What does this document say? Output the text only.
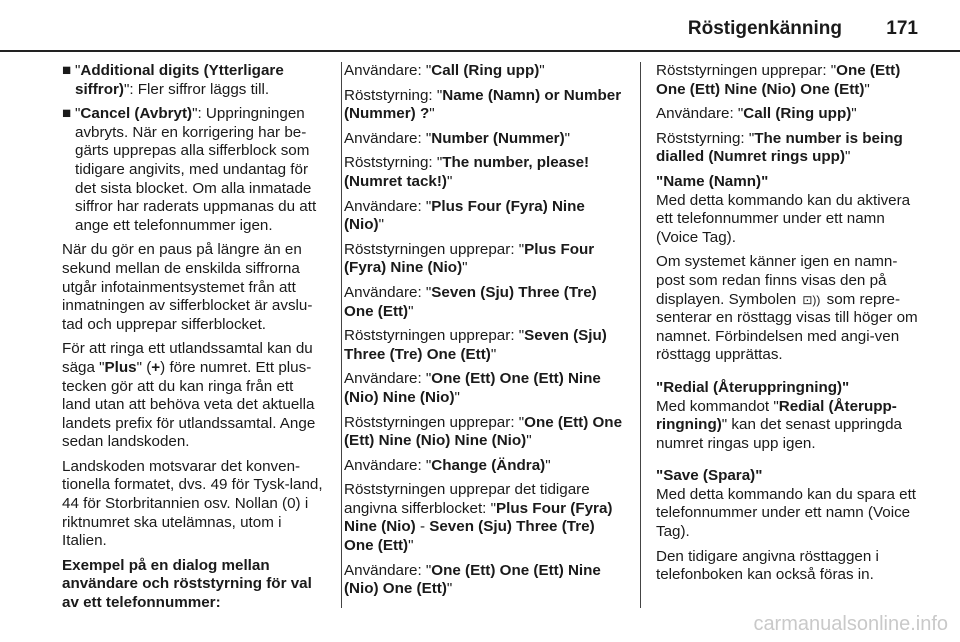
Röstigenkänning 171
■ "Additional digits (Ytterligare siffror)": Fler siffror läggs till.
■ "Cancel (Avbryt)": Uppringningen avbryts. När en korrigering har be-gärts upprepas alla sifferblock som tidigare angivits, med undantag för det sista blocket. Om alla inmatade siffror har raderats uppmanas du att ange ett telefonnummer igen.

När du gör en paus på längre än en sekund mellan de enskilda siffrorna utgår infotainmentsystemet från att inmatningen av sifferblocket är avslu-tad och upprepar sifferblocket.

För att ringa ett utlandssamtal kan du säga "Plus" (+) före numret. Ett plus-tecken gör att du kan ringa från ett land utan att behöva veta det aktuella landets prefix för utlandssamtal. Ange sedan landskoden.

Landskoden motsvarar det konven-tionella formatet, dvs. 49 för Tysk-land, 44 för Storbritannien osv. Nollan (0) i riktnumret ska utelämnas, utom i Italien.

Exempel på en dialog mellan användare och röststyrning för val av ett telefonnummer:

Användare: "Call (Ring upp)"

Röststyrning: "Name (Namn) or Number (Nummer) ?"

Användare: "Number (Nummer)"

Röststyrning: "The number, please! (Numret tack!)"

Användare: "Plus Four (Fyra) Nine (Nio)"

Röststyrningen upprepar: "Plus Four (Fyra) Nine (Nio)"

Användare: "Seven (Sju) Three (Tre) One (Ett)"

Röststyrningen upprepar: "Seven (Sju) Three (Tre) One (Ett)"

Användare: "One (Ett) One (Ett) Nine (Nio) Nine (Nio)"

Röststyrningen upprepar: "One (Ett) One (Ett) Nine (Nio) Nine (Nio)"

Användare: "Change (Ändra)"

Röststyrningen upprepar det tidigare angivna sifferblocket: "Plus Four (Fyra) Nine (Nio) - Seven (Sju) Three (Tre) One (Ett)"

Användare: "One (Ett) One (Ett) Nine (Nio) One (Ett)"

Röststyrningen upprepar: "One (Ett) One (Ett) Nine (Nio) One (Ett)"

Användare: "Call (Ring upp)"

Röststyrning: "The number is being dialled (Numret rings upp)"

"Name (Namn)"

Med detta kommando kan du aktivera ett telefonnummer under ett namn (Voice Tag).

Om systemet känner igen en namn-post som redan finns visas den på displayen. Symbolen ⊡)) som repre-senterar en rösttagg visas till höger om namnet. Förbindelsen med angi-ven rösttagg upprättas.

"Redial (Återuppringning)"

Med kommandot "Redial (Återupp-ringning)" kan det senast uppringda numret ringas upp igen.

"Save (Spara)"

Med detta kommando kan du spara ett telefonnummer under ett namn (Voice Tag).

Den tidigare angivna rösttaggen i telefonboken kan också föras in.

carmanualsonline.info
